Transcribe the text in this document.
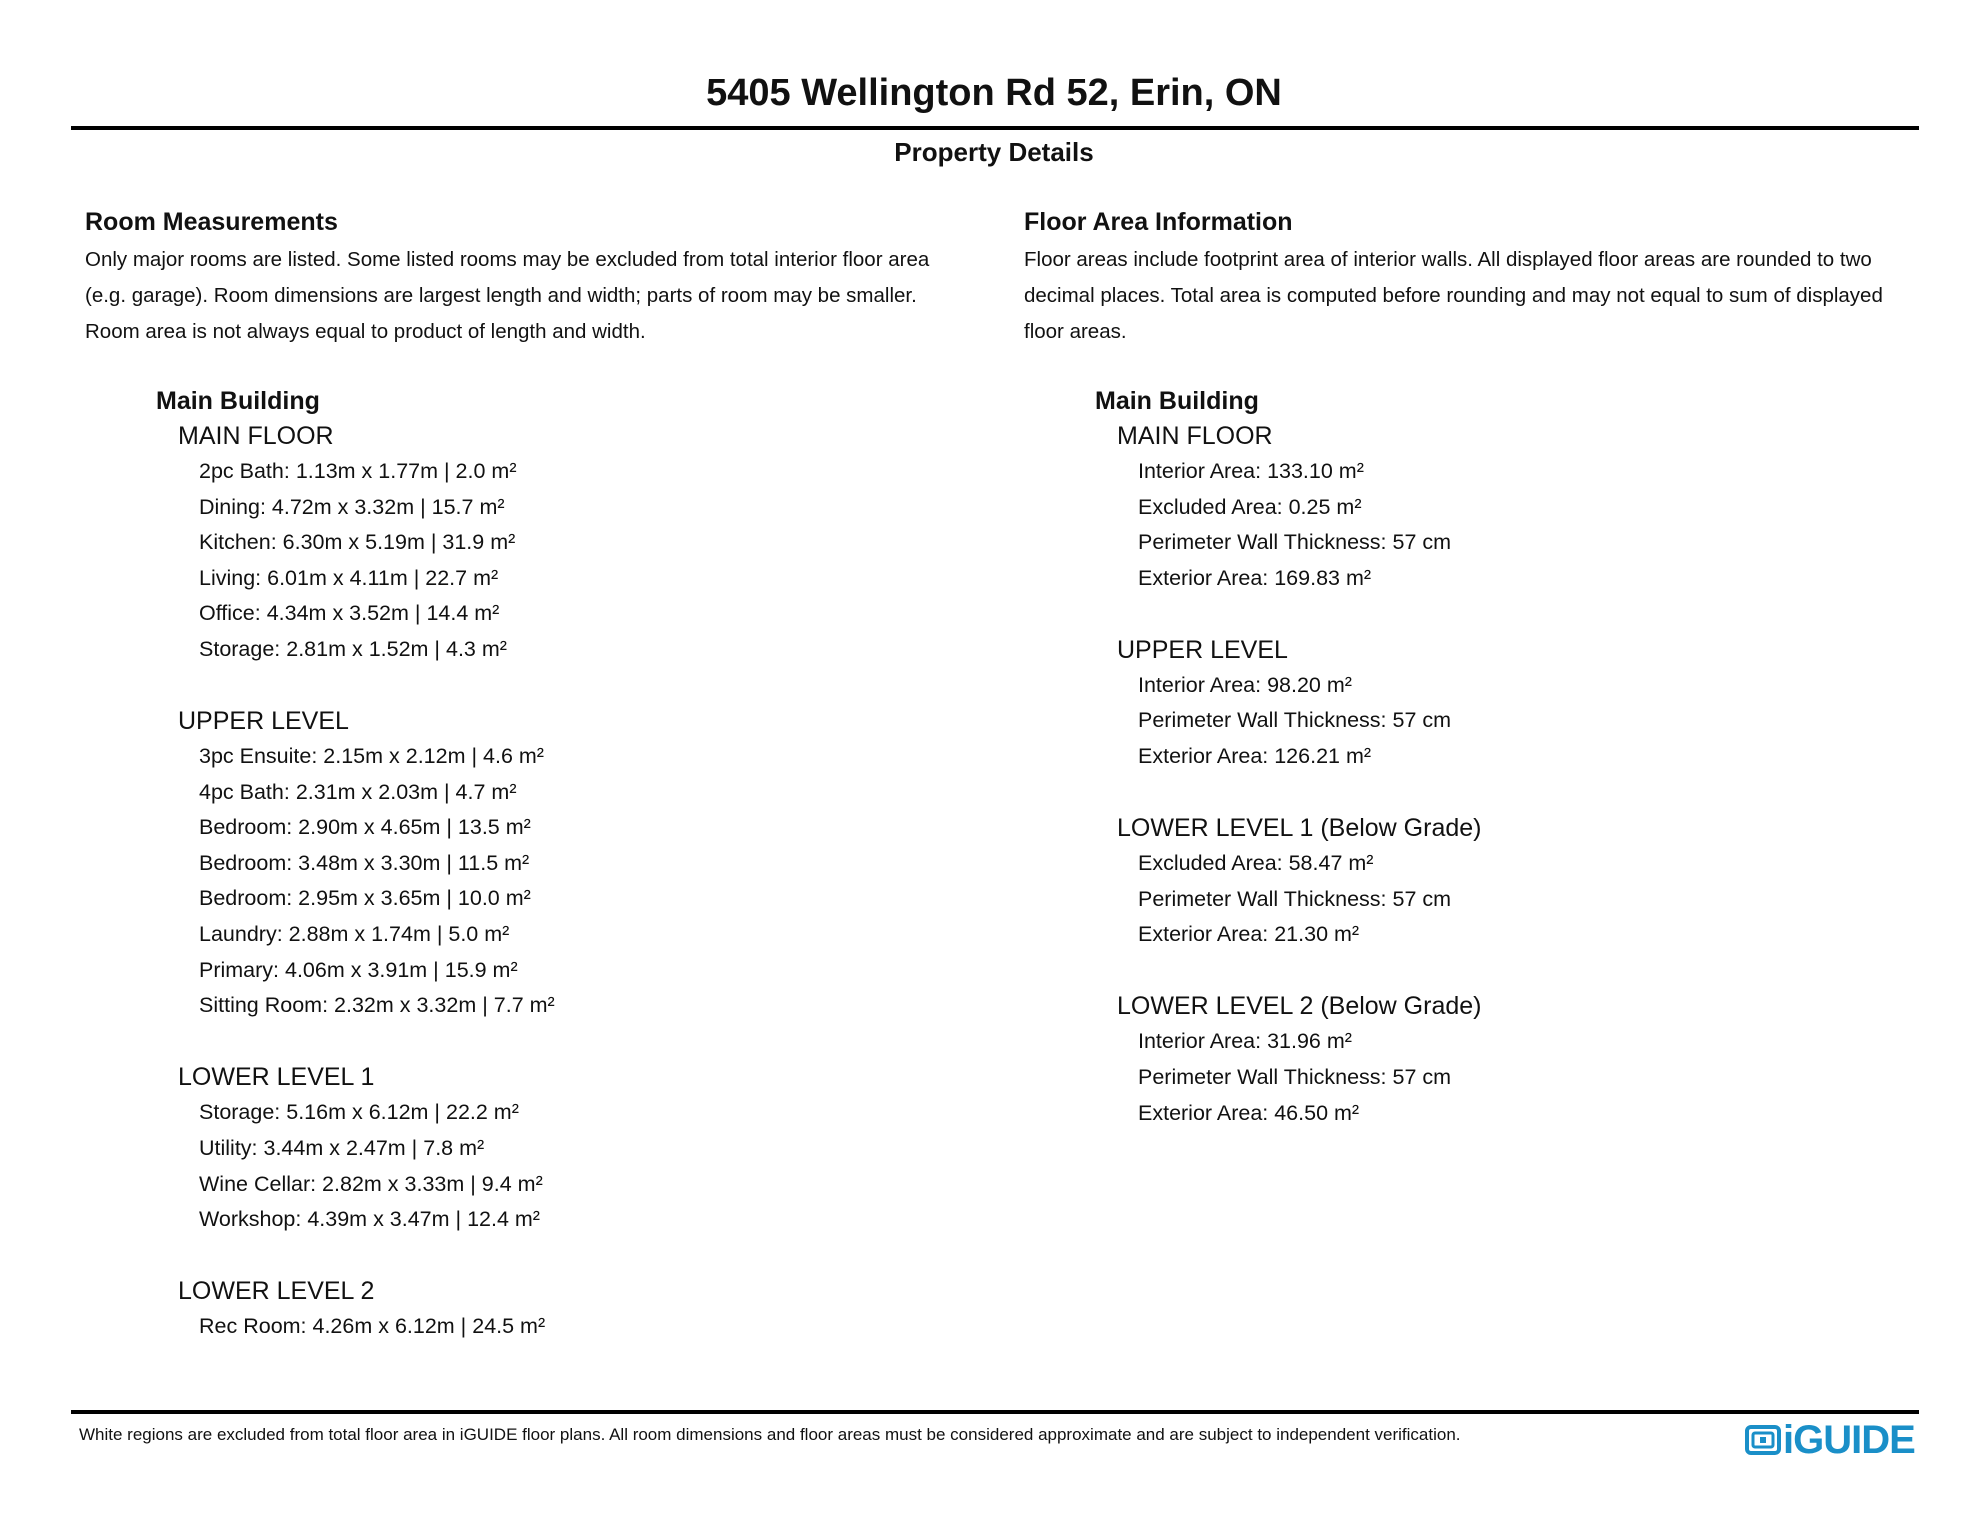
5405 Wellington Rd 52, Erin, ON
Property Details
Room Measurements
Only major rooms are listed. Some listed rooms may be excluded from total interior floor area
(e.g. garage). Room dimensions are largest length and width; parts of room may be smaller.
Room area is not always equal to product of length and width.
Main Building
MAIN FLOOR
2pc Bath: 1.13m x 1.77m | 2.0 m²
Dining: 4.72m x 3.32m | 15.7 m²
Kitchen: 6.30m x 5.19m | 31.9 m²
Living: 6.01m x 4.11m | 22.7 m²
Office: 4.34m x 3.52m | 14.4 m²
Storage: 2.81m x 1.52m | 4.3 m²
UPPER LEVEL
3pc Ensuite: 2.15m x 2.12m | 4.6 m²
4pc Bath: 2.31m x 2.03m | 4.7 m²
Bedroom: 2.90m x 4.65m | 13.5 m²
Bedroom: 3.48m x 3.30m | 11.5 m²
Bedroom: 2.95m x 3.65m | 10.0 m²
Laundry: 2.88m x 1.74m | 5.0 m²
Primary: 4.06m x 3.91m | 15.9 m²
Sitting Room: 2.32m x 3.32m | 7.7 m²
LOWER LEVEL 1
Storage: 5.16m x 6.12m | 22.2 m²
Utility: 3.44m x 2.47m | 7.8 m²
Wine Cellar: 2.82m x 3.33m | 9.4 m²
Workshop: 4.39m x 3.47m | 12.4 m²
LOWER LEVEL 2
Rec Room: 4.26m x 6.12m | 24.5 m²
Floor Area Information
Floor areas include footprint area of interior walls. All displayed floor areas are rounded to two
decimal places. Total area is computed before rounding and may not equal to sum of displayed
floor areas.
Main Building
MAIN FLOOR
Interior Area: 133.10 m²
Excluded Area: 0.25 m²
Perimeter Wall Thickness: 57 cm
Exterior Area: 169.83 m²
UPPER LEVEL
Interior Area: 98.20 m²
Perimeter Wall Thickness: 57 cm
Exterior Area: 126.21 m²
LOWER LEVEL 1 (Below Grade)
Excluded Area: 58.47 m²
Perimeter Wall Thickness: 57 cm
Exterior Area: 21.30 m²
LOWER LEVEL 2 (Below Grade)
Interior Area: 31.96 m²
Perimeter Wall Thickness: 57 cm
Exterior Area: 46.50 m²
White regions are excluded from total floor area in iGUIDE floor plans. All room dimensions and floor areas must be considered approximate and are subject to independent verification.	iGUIDE
